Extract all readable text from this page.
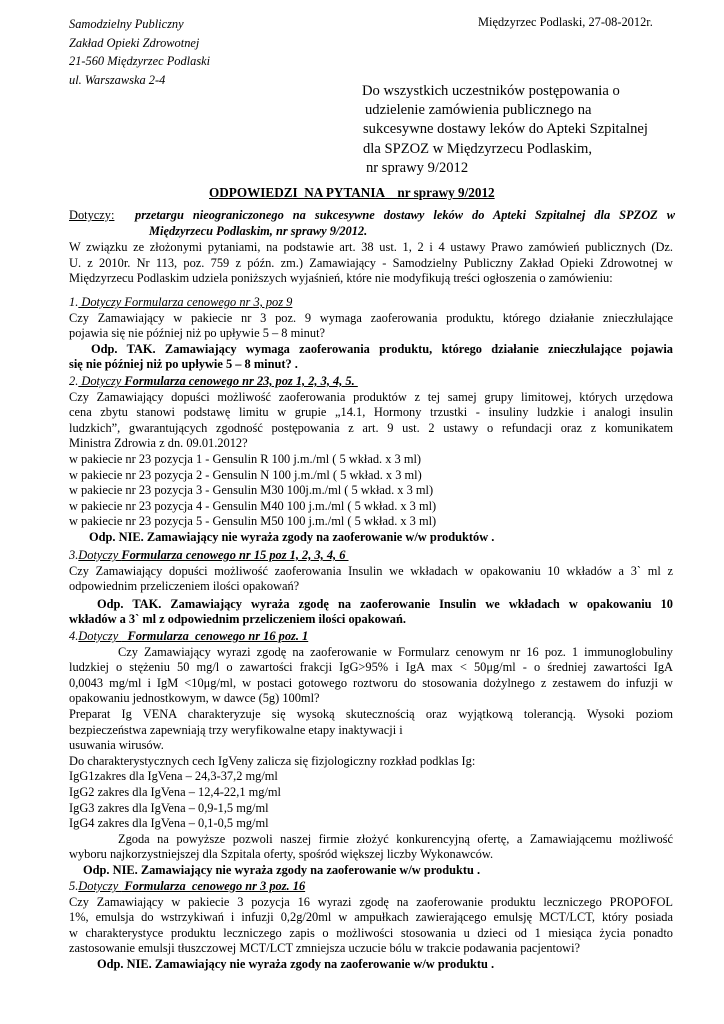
Samodzielny Publiczny
Zakład Opieki Zdrowotnej
21-560 Międzyrzec Podlaski
ul. Warszawska 2-4
Międzyrzec Podlaski, 27-08-2012r.
Do wszystkich uczestników postępowania o
udzielenie zamówienia publicznego na
sukcesywne dostawy leków do Apteki Szpitalnej
dla SPZOZ w Międzyrzecu Podlaskim,
nr sprawy 9/2012
ODPOWIEDZI  NA PYTANIA    nr sprawy 9/2012
Dotyczy: przetargu nieograniczonego na sukcesywne dostawy leków do Apteki Szpitalnej dla SPZOZ w
Międzyrzecu Podlaskim, nr sprawy 9/2012.
W związku ze złożonymi pytaniami, na podstawie art. 38 ust. 1, 2 i 4 ustawy Prawo zamówień publicznych (Dz.
U. z 2010r. Nr 113, poz. 759 z późn. zm.) Zamawiający - Samodzielny Publiczny Zakład Opieki Zdrowotnej w
Międzyrzecu Podlaskim udziela poniższych wyjaśnień, które nie modyfikują treści ogłoszenia o zamówieniu:
1. Dotyczy Formularza cenowego nr 3, poz 9
Czy Zamawiający w pakiecie nr 3 poz. 9 wymaga zaoferowania produktu, którego działanie znieczłulające
pojawia się nie później niż po upływie 5 – 8 minut?
Odp. TAK. Zamawiający wymaga zaoferowania produktu, którego działanie znieczłulające pojawia
się nie później niż po upływie 5 – 8 minut? .
2. Dotyczy Formularza cenowego nr 23, poz 1, 2, 3, 4, 5.
Czy Zamawiający dopuści możliwość zaoferowania produktów z tej samej grupy limitowej, których urzędowa
cena zbytu stanowi podstawę limitu w grupie „14.1, Hormony trzustki - insuliny ludzkie i analogi insulin
ludzkich”, gwarantujących zgodność postępowania z art. 9 ust. 2 ustawy o refundacji oraz z komunikatem
Ministra Zdrowia z dn. 09.01.2012?
w pakiecie nr 23 pozycja 1 - Gensulin R 100 j.m./ml ( 5 wkład. x 3 ml)
w pakiecie nr 23 pozycja 2 - Gensulin N 100 j.m./ml ( 5 wkład. x 3 ml)
w pakiecie nr 23 pozycja 3 - Gensulin M30 100j.m./ml ( 5 wkład. x 3 ml)
w pakiecie nr 23 pozycja 4 - Gensulin M40 100 j.m./ml ( 5 wkład. x 3 ml)
w pakiecie nr 23 pozycja 5 - Gensulin M50 100 j.m./ml ( 5 wkład. x 3 ml)
Odp. NIE. Zamawiający nie wyraża zgody na zaoferowanie w/w produktów .
3.Dotyczy Formularza cenowego nr 15 poz 1, 2, 3, 4, 6
Czy Zamawiający dopuści możliwość zaoferowania Insulin we wkładach w opakowaniu 10 wkładów a 3` ml z
odpowiednim przeliczeniem ilości opakowań?
Odp. TAK. Zamawiający wyraża zgodę na zaoferowanie Insulin we wkładach w opakowaniu 10
wkładów a 3` ml z odpowiednim przeliczeniem ilości opakowań.
4.Dotyczy   Formularza  cenowego nr 16 poz. 1
Czy Zamawiający wyrazi zgodę na zaoferowanie w Formularz cenowym nr 16 poz. 1 immunoglobuliny
ludzkiej o stężeniu 50 mg/l o zawartości frakcji IgG>95% i IgA max < 50μg/ml - o średniej zawartości IgA
0,0043 mg/ml i IgM <10μg/ml, w postaci gotowego roztworu do stosowania dożylnego z zestawem do infuzji w
opakowaniu jednostkowym, w dawce (5g) 100ml?
Preparat Ig VENA charakteryzuje się wysoką skutecznością oraz wyjątkową tolerancją. Wysoki poziom
bezpieczeństwa zapewniają trzy weryfikowalne etapy inaktywacji i
usuwania wirusów.
Do charakterystycznych cech IgVeny zalicza się fizjologiczny rozkład podklas Ig:
IgG1zakres dla IgVena – 24,3-37,2 mg/ml
IgG2 zakres dla IgVena – 12,4-22,1 mg/ml
IgG3 zakres dla IgVena – 0,9-1,5 mg/ml
IgG4 zakres dla IgVena – 0,1-0,5 mg/ml
Zgoda na powyższe pozwoli naszej firmie złożyć konkurencyjną ofertę, a Zamawiającemu możliwość
wyboru najkorzystniejszej dla Szpitala oferty, spośród większej liczby Wykonawców.
Odp. NIE. Zamawiający nie wyraża zgody na zaoferowanie w/w produktu .
5.Dotyczy  Formularza  cenowego nr 3 poz. 16
Czy Zamawiający w pakiecie 3 pozycja 16 wyrazi zgodę na zaoferowanie produktu leczniczego PROPOFOL
1%, emulsja do wstrzykiwań i infuzji 0,2g/20ml w ampułkach zawierającego emulsję MCT/LCT, który posiada
w charakterystyce produktu leczniczego zapis o możliwości stosowania u dzieci od 1 miesiąca życia ponadto
zastosowanie emulsji tłuszczowej MCT/LCT zmniejsza uczucie bólu w trakcie podawania pacjentowi?
Odp. NIE. Zamawiający nie wyraża zgody na zaoferowanie w/w produktu .
